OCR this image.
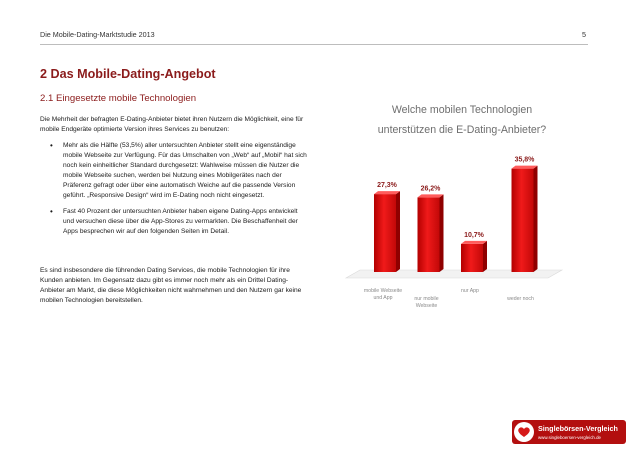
Die Mobile-Dating-Marktstudie 2013	5
2 Das Mobile-Dating-Angebot
2.1 Eingesetzte mobile Technologien
Die Mehrheit der befragten E-Dating-Anbieter bietet ihren Nutzern die Möglichkeit, eine für mobile Endgeräte optimierte Version ihres Services zu benutzen:
• Mehr als die Hälfte (53,5%) aller untersuchten Anbieter stellt eine eigenständige mobile Webseite zur Verfügung. Für das Umschalten von „Web“ auf „Mobil“ hat sich noch kein einheitlicher Standard durchgesetzt: Wahlweise müssen die Nutzer die mobile Webseite suchen, werden bei Nutzung eines Mobilgerätes nach der Präferenz gefragt oder über eine automatisch Weiche auf die passende Version geführt. „Responsive Design“ wird im E-Dating noch nicht eingesetzt.
• Fast 40 Prozent der untersuchten Anbieter haben eigene Dating-Apps entwickelt und versuchen diese über die App-Stores zu vermarkten. Die Beschaffenheit der Apps besprechen wir auf den folgenden Seiten im Detail.
Es sind insbesondere die führenden Dating Services, die mobile Technologien für ihre Kunden anbieten. Im Gegensatz dazu gibt es immer noch mehr als ein Drittel Dating-Anbieter am Markt, die diese Möglichkeiten nicht wahrnehmen und den Nutzern gar keine mobilen Technologien bereitstellen.
Welche mobilen Technologien unterstützen die E-Dating-Anbieter?
27,3%
mobile Webseite und App
26,2%
nur mobile Webseite
10,7%
nur App
35,8%
weder noch
Singlebörsen-Vergleich
www.singleboersen-vergleich.de
